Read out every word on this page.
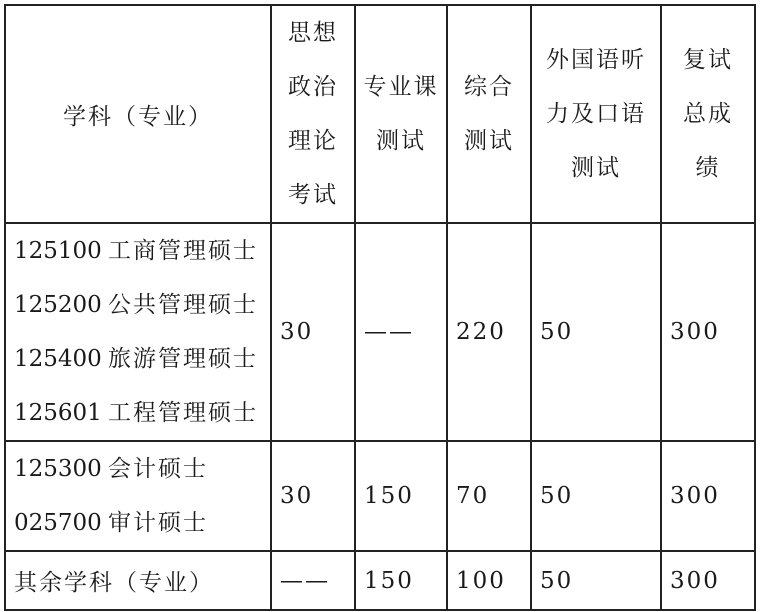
学科（专业）	思想
政治
理论
考试	专业课
测试	综合
测试	外国语听
力及口语
测试	复试
总成
绩

125100 工商管理硕士
125200 公共管理硕士
125400 旅游管理硕士
125601 工程管理硕士	30	——	220	50	300

125300 会计硕士
025700 审计硕士	30	150	70	50	300
其余学科（专业）	——	150	100	50	300
